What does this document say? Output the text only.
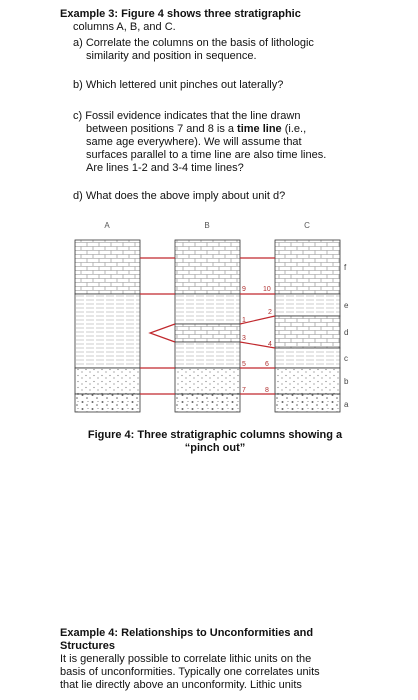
Example 3: Figure 4 shows three stratigraphic
columns A, B, and C.
a) Correlate the columns on the basis of lithologic
similarity and position in sequence.
b) Which lettered unit pinches out laterally?
c) Fossil evidence indicates that the line drawn
between positions 7 and 8 is a time line (i.e.,
same age everywhere). We will assume that
surfaces parallel to a time line are also time lines.
Are lines 1-2 and 3-4 time lines?
d) What does the above imply about unit d?
A	B	C
9 10
2
1
3
4
5	6
7	8
f
e
d
c
b
a
Figure 4: Three stratigraphic columns showing a
“pinch out”
Example 4: Relationships to Unconformities and
Structures
It is generally possible to correlate lithic units on the
basis of unconformities. Typically one correlates units
that lie directly above an unconformity. Lithic units
